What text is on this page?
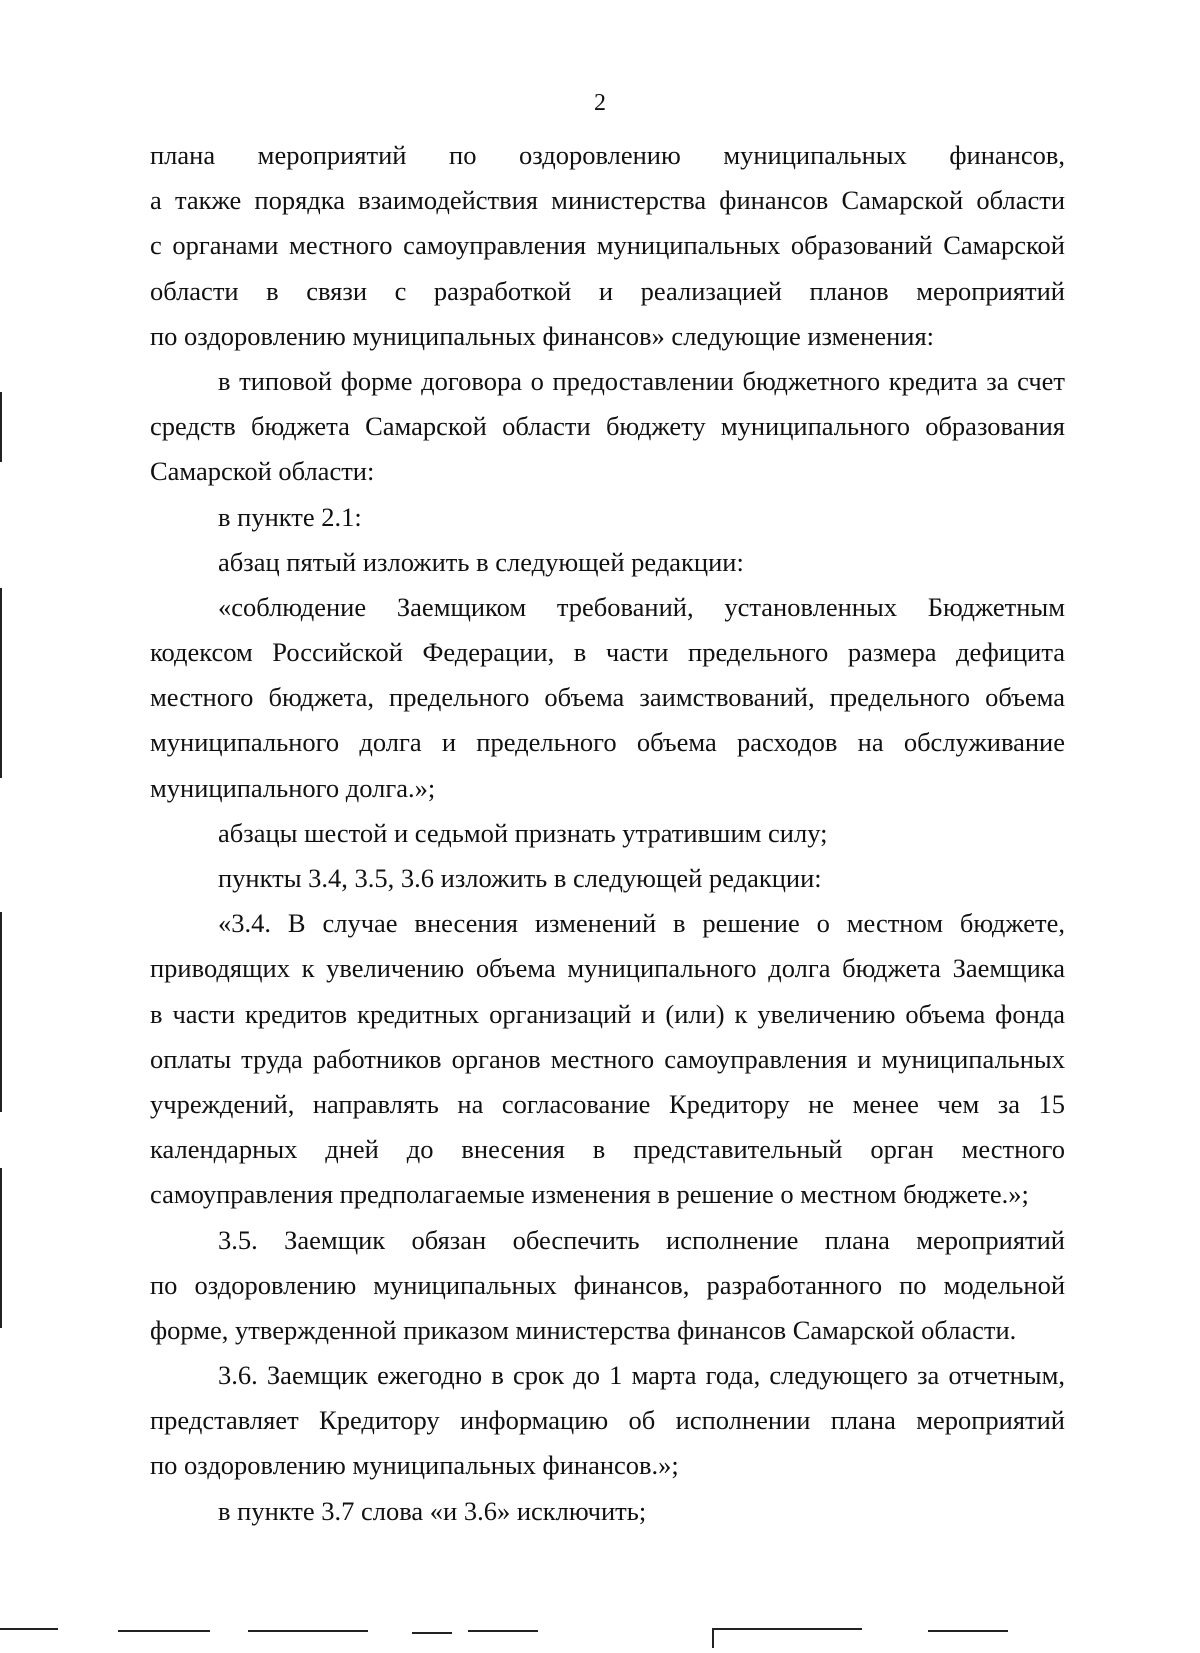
2
плана мероприятий по оздоровлению муниципальных финансов,
а также порядка взаимодействия министерства финансов Самарской области
с органами местного самоуправления муниципальных образований Самарской
области в связи с разработкой и реализацией планов мероприятий
по оздоровлению муниципальных финансов» следующие изменения:
в типовой форме договора о предоставлении бюджетного кредита за счет
средств бюджета Самарской области бюджету муниципального образования
Самарской области:
в пункте 2.1:
абзац пятый изложить в следующей редакции:
«соблюдение Заемщиком требований, установленных Бюджетным
кодексом Российской Федерации, в части предельного размера дефицита
местного бюджета, предельного объема заимствований, предельного объема
муниципального долга и предельного объема расходов на обслуживание
муниципального долга.»;
абзацы шестой и седьмой признать утратившим силу;
пункты 3.4, 3.5, 3.6 изложить в следующей редакции:
«3.4. В случае внесения изменений в решение о местном бюджете,
приводящих к увеличению объема муниципального долга бюджета Заемщика
в части кредитов кредитных организаций и (или) к увеличению объема фонда
оплаты труда работников органов местного самоуправления и муниципальных
учреждений, направлять на согласование Кредитору не менее чем за 15
календарных дней до внесения в представительный орган местного
самоуправления предполагаемые изменения в решение о местном бюджете.»;
3.5. Заемщик обязан обеспечить исполнение плана мероприятий
по оздоровлению муниципальных финансов, разработанного по модельной
форме, утвержденной приказом министерства финансов Самарской области.
3.6. Заемщик ежегодно в срок до 1 марта года, следующего за отчетным,
представляет Кредитору информацию об исполнении плана мероприятий
по оздоровлению муниципальных финансов.»;
в пункте 3.7 слова «и 3.6» исключить;
